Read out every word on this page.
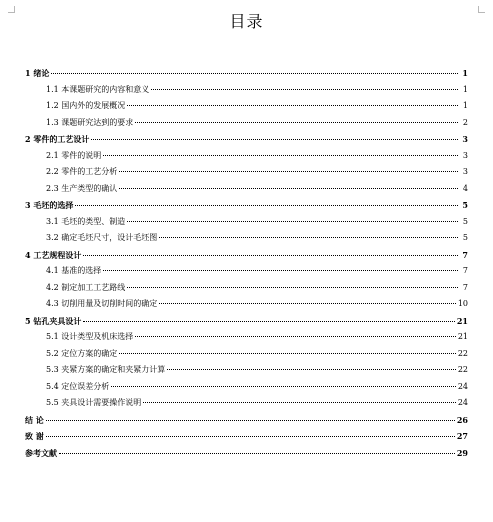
目录
1 绪论	1
1.1 本课题研究的内容和意义	1
1.2 国内外的发展概况	1
1.3 课题研究达到的要求	2
2 零件的工艺设计	3
2.1 零件的说明	3
2.2 零件的工艺分析	3
2.3 生产类型的确认	4
3 毛坯的选择	5
3.1 毛坯的类型、制造	5
3.2 确定毛坯尺寸，设计毛坯图	5
4 工艺规程设计	7
4.1 基准的选择	7
4.2 制定加工工艺路线	7
4.3 切削用量及切削时间的确定	10
5 钻孔夹具设计	21
5.1 设计类型及机床选择	21
5.2 定位方案的确定	22
5.3 夹紧方案的确定和夹紧力计算	22
5.4 定位误差分析	24
5.5 夹具设计需要操作说明	24
结 论	26
致 谢	27
参考文献	29
